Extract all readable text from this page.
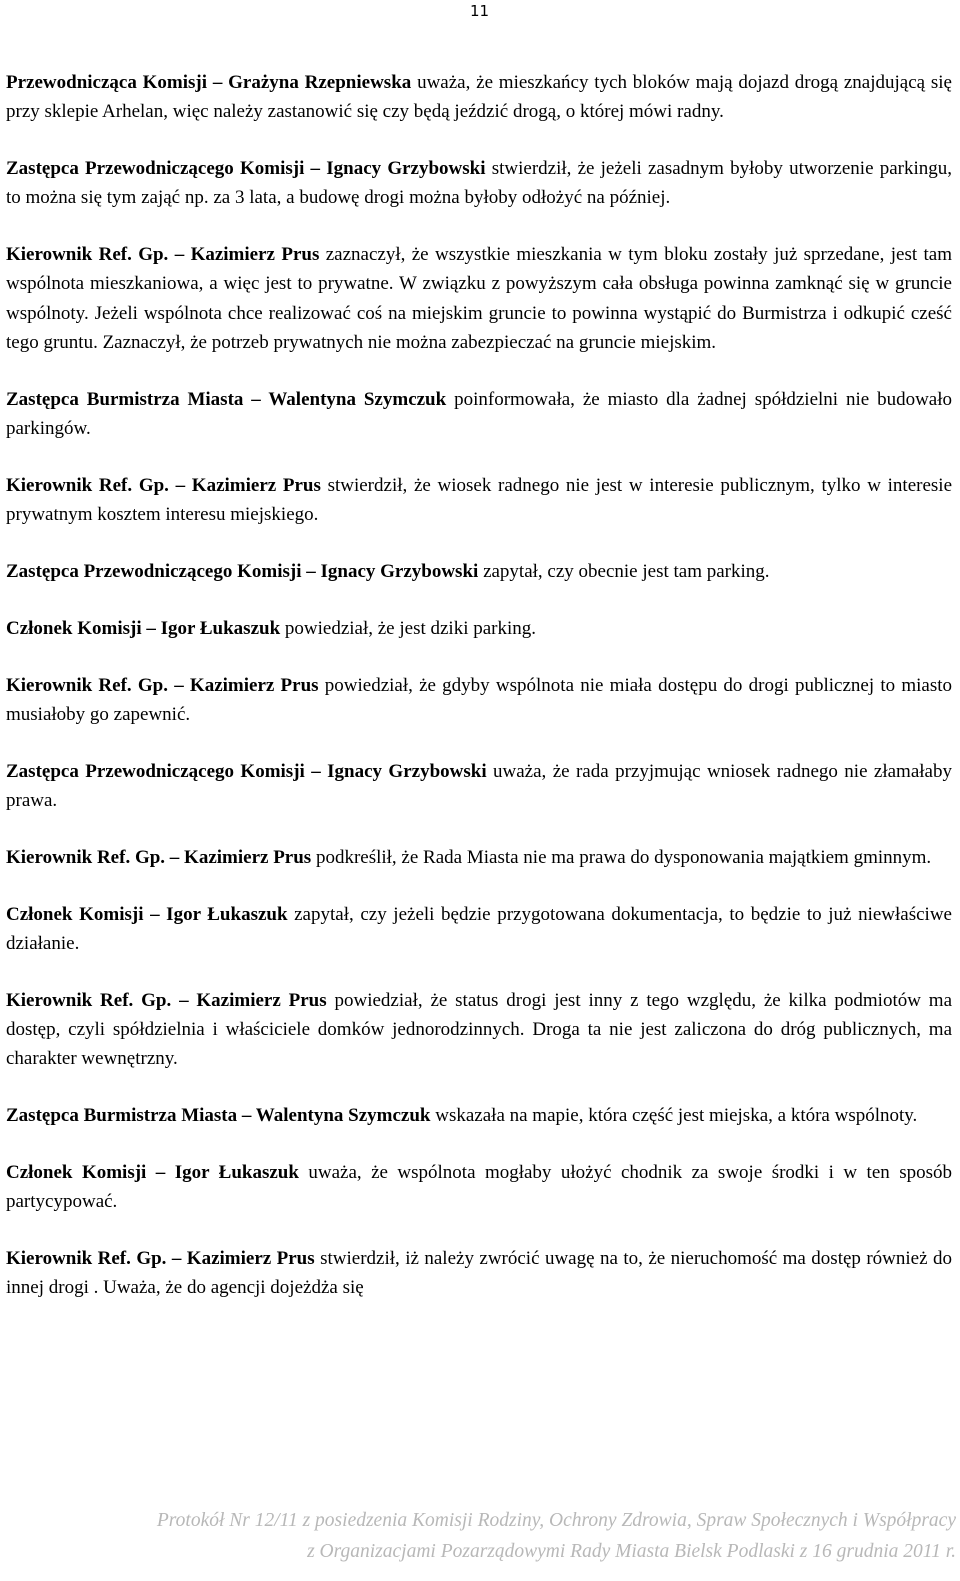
11

Przewodnicząca Komisji – Grażyna Rzepniewska uważa, że mieszkańcy tych bloków mają dojazd drogą znajdującą się przy sklepie Arhelan, więc należy zastanowić się czy będą jeździć drogą, o której mówi radny.

Zastępca Przewodniczącego Komisji – Ignacy Grzybowski stwierdził, że jeżeli zasadnym byłoby utworzenie parkingu, to można się tym zająć np. za 3 lata, a budowę drogi można byłoby odłożyć na później.

Kierownik Ref. Gp. – Kazimierz Prus zaznaczył, że wszystkie mieszkania w tym bloku zostały już sprzedane, jest tam wspólnota mieszkaniowa, a więc jest to prywatne. W związku z powyższym cała obsługa powinna zamknąć się w gruncie wspólnoty. Jeżeli wspólnota chce realizować coś na miejskim gruncie to powinna wystąpić do Burmistrza i odkupić cześć tego gruntu. Zaznaczył, że potrzeb prywatnych nie można zabezpieczać na gruncie miejskim.

Zastępca Burmistrza Miasta – Walentyna Szymczuk poinformowała, że miasto dla żadnej spółdzielni nie budowało parkingów.

Kierownik Ref. Gp. – Kazimierz Prus stwierdził, że wiosek radnego nie jest w interesie publicznym, tylko w interesie prywatnym kosztem interesu miejskiego.

Zastępca Przewodniczącego Komisji – Ignacy Grzybowski zapytał, czy obecnie jest tam parking.

Członek Komisji – Igor Łukaszuk powiedział, że jest dziki parking.

Kierownik Ref. Gp. – Kazimierz Prus powiedział, że gdyby wspólnota nie miała dostępu do drogi publicznej to miasto musiałoby go zapewnić.

Zastępca Przewodniczącego Komisji – Ignacy Grzybowski uważa, że rada przyjmując wniosek radnego nie złamałaby prawa.

Kierownik Ref. Gp. – Kazimierz Prus podkreślił, że Rada Miasta nie ma prawa do dysponowania majątkiem gminnym.

Członek Komisji – Igor Łukaszuk zapytał, czy jeżeli będzie przygotowana dokumentacja, to będzie to już niewłaściwe działanie.

Kierownik Ref. Gp. – Kazimierz Prus powiedział, że status drogi jest inny z tego względu, że kilka podmiotów ma dostęp, czyli spółdzielnia i właściciele domków jednorodzinnych. Droga ta nie jest zaliczona do dróg publicznych, ma charakter wewnętrzny.

Zastępca Burmistrza Miasta – Walentyna Szymczuk wskazała na mapie, która część jest miejska, a która wspólnoty.

Członek Komisji – Igor Łukaszuk uważa, że wspólnota mogłaby ułożyć chodnik za swoje środki i w ten sposób partycypować.

Kierownik Ref. Gp. – Kazimierz Prus stwierdził, iż należy zwrócić uwagę na to, że nieruchomość ma dostęp również do innej drogi . Uważa, że do agencji dojeżdża się

Protokół Nr 12/11 z posiedzenia Komisji Rodziny, Ochrony Zdrowia, Spraw Społecznych i Współpracy
z Organizacjami Pozarządowymi Rady Miasta Bielsk Podlaski z 16 grudnia 2011 r.
